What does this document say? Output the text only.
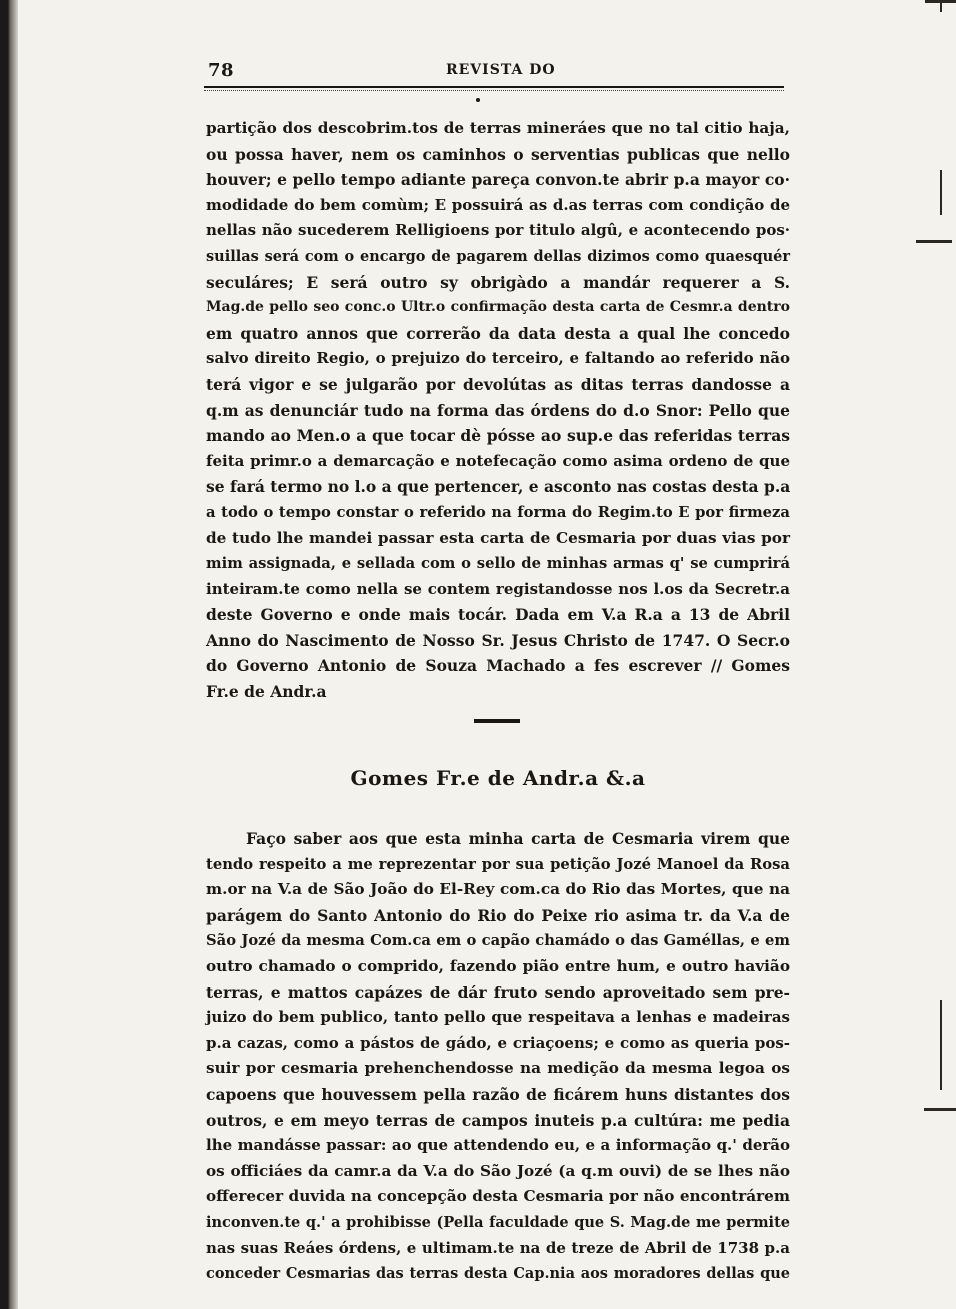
78	REVISTA DO
partição dos descobrim.tos de terras mineráes que no tal citio haja,
ou possa haver, nem os caminhos o serventias publicas que nello
houver; e pello tempo adiante pareça convon.te abrir p.a mayor co·
modidade do bem comùm; E possuirá as d.as terras com condição de
nellas não sucederem Relligioens por titulo algû, e acontecendo pos·
suillas será com o encargo de pagarem dellas dizimos como quaesquér
seculáres; E será outro sy obrigàdo a mandár requerer a S.
Mag.de pello seo conc.o Ultr.o confirmação desta carta de Cesmr.a dentro
em quatro annos que correrão da data desta a qual lhe concedo
salvo direito Regio, o prejuizo do terceiro, e faltando ao referido não
terá vigor e se julgarão por devolútas as ditas terras dandosse a
q.m as denunciár tudo na forma das órdens do d.o Snor: Pello que
mando ao Men.o a que tocar dè pósse ao sup.e das referidas terras
feita primr.o a demarcação e notefecação como asima ordeno de que
se fará termo no l.o a que pertencer, e asconto nas costas desta p.a
a todo o tempo constar o referido na forma do Regim.to E por firmeza
de tudo lhe mandei passar esta carta de Cesmaria por duas vias por
mim assignada, e sellada com o sello de minhas armas q' se cumprirá
inteiram.te como nella se contem registandosse nos l.os da Secretr.a
deste Governo e onde mais tocár. Dada em V.a R.a a 13 de Abril
Anno do Nascimento de Nosso Sr. Jesus Christo de 1747. O Secr.o
do Governo Antonio de Souza Machado a fes escrever // Gomes
Fr.e de Andr.a
Gomes Fr.e de Andr.a &.a
Faço saber aos que esta minha carta de Cesmaria virem que
tendo respeito a me reprezentar por sua petição Jozé Manoel da Rosa
m.or na V.a de São João do El-Rey com.ca do Rio das Mortes, que na
parágem do Santo Antonio do Rio do Peixe rio asima tr. da V.a de
São Jozé da mesma Com.ca em o capão chamádo o das Gaméllas, e em
outro chamado o comprido, fazendo pião entre hum, e outro havião
terras, e mattos capázes de dár fruto sendo aproveitado sem pre-
juizo do bem publico, tanto pello que respeitava a lenhas e madeiras
p.a cazas, como a pástos de gádo, e criaçoens; e como as queria pos-
suir por cesmaria prehenchendosse na medição da mesma legoa os
capoens que houvessem pella razão de ficárem huns distantes dos
outros, e em meyo terras de campos inuteis p.a cultúra: me pedia
lhe mandásse passar: ao que attendendo eu, e a informação q.' derão
os officiáes da camr.a da V.a do São Jozé (a q.m ouvi) de se lhes não
offerecer duvida na concepção desta Cesmaria por não encontrárem
inconven.te q.' a prohibisse (Pella faculdade que S. Mag.de me permite
nas suas Reáes órdens, e ultimam.te na de treze de Abril de 1738 p.a
conceder Cesmarias das terras desta Cap.nia aos moradores dellas que
